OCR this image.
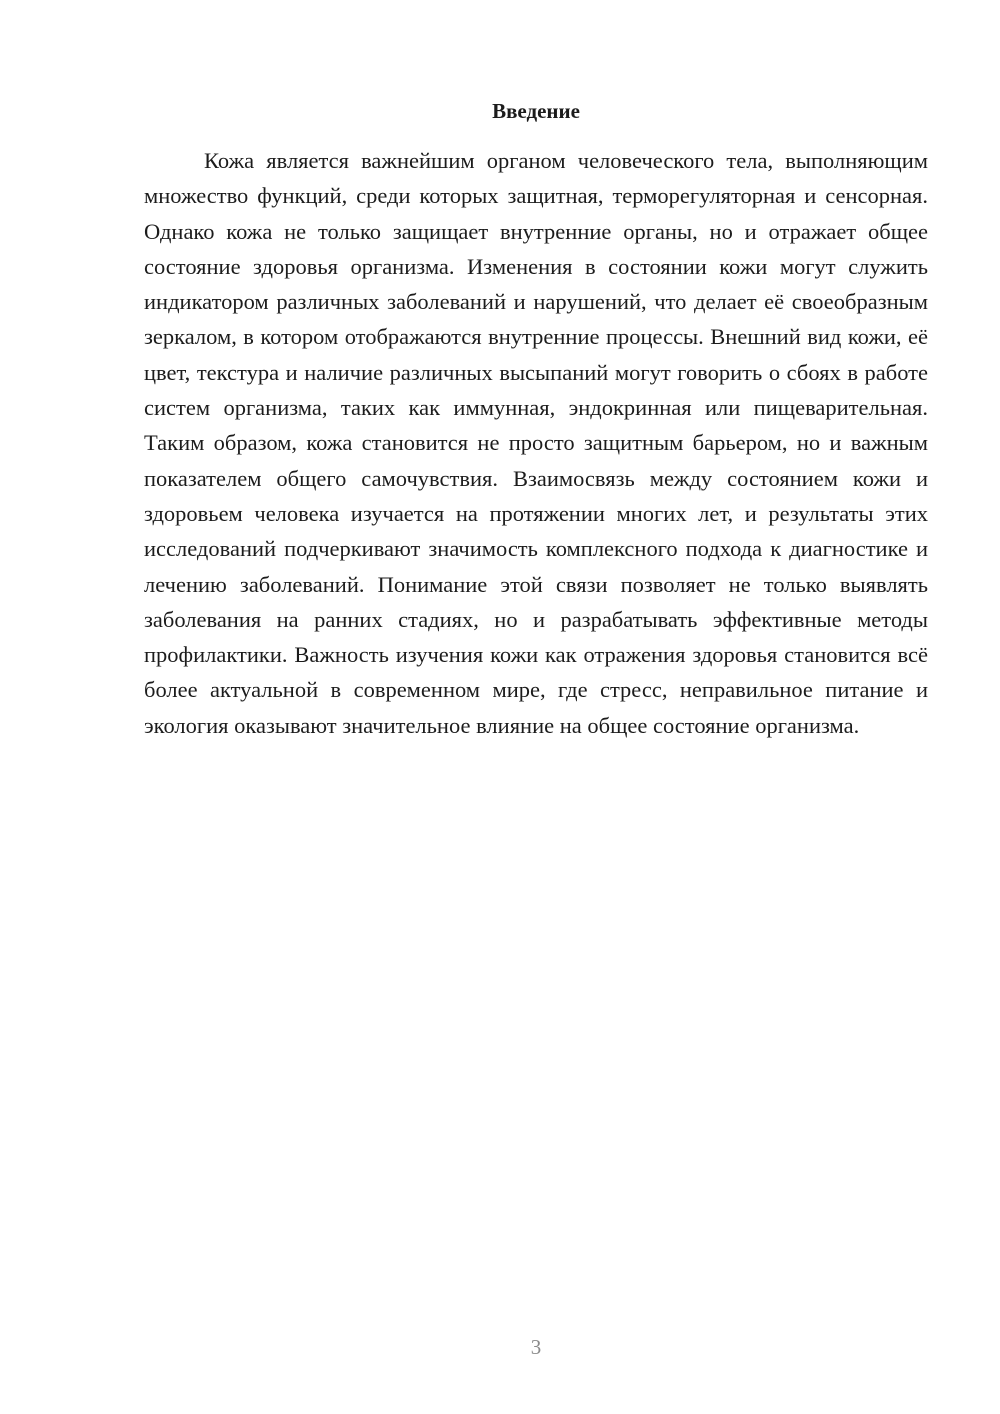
Введение

Кожа является важнейшим органом человеческого тела, выполняющим множество функций, среди которых защитная, терморегуляторная и сенсорная. Однако кожа не только защищает внутренние органы, но и отражает общее состояние здоровья организма. Изменения в состоянии кожи могут служить индикатором различных заболеваний и нарушений, что делает её своеобразным зеркалом, в котором отображаются внутренние процессы. Внешний вид кожи, её цвет, текстура и наличие различных высыпаний могут говорить о сбоях в работе систем организма, таких как иммунная, эндокринная или пищеварительная. Таким образом, кожа становится не просто защитным барьером, но и важным показателем общего самочувствия. Взаимосвязь между состоянием кожи и здоровьем человека изучается на протяжении многих лет, и результаты этих исследований подчеркивают значимость комплексного подхода к диагностике и лечению заболеваний. Понимание этой связи позволяет не только выявлять заболевания на ранних стадиях, но и разрабатывать эффективные методы профилактики. Важность изучения кожи как отражения здоровья становится всё более актуальной в современном мире, где стресс, неправильное питание и экология оказывают значительное влияние на общее состояние организма.

3
